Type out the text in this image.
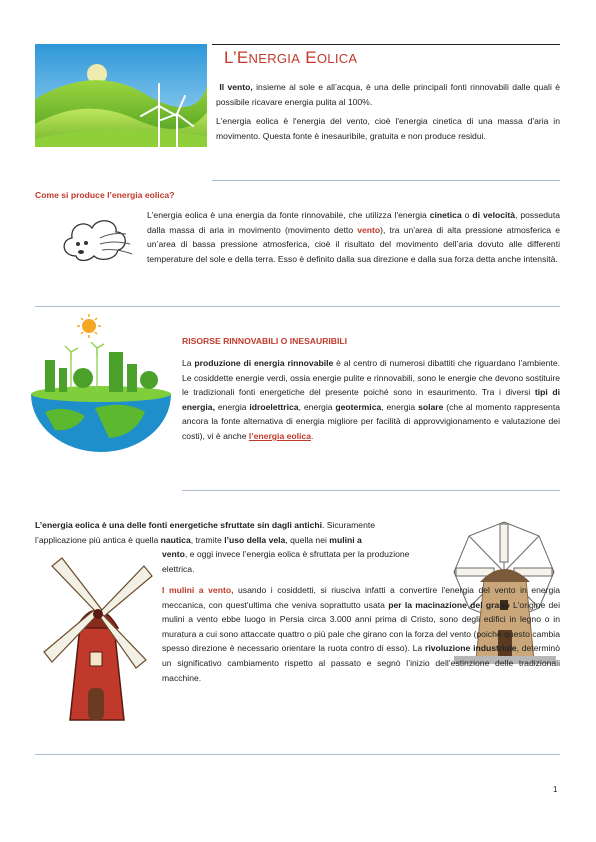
L’ENERGIA EOLICA

Il vento, insieme al sole e all’acqua, è una delle principali fonti rinnovabili dalle quali è possibile ricavare energia pulita al 100%.

L'energia eolica è l'energia del vento, cioè l'energia cinetica di una massa d'aria in movimento. Questa fonte è inesauribile, gratuita e non produce residui.

Come si produce l’energia eolica?
L'energia eolica è una energia da fonte rinnovabile, che utilizza l'energia cinetica o di velocità, posseduta dalla massa di aria in movimento (movimento detto vento), tra un’area di alta pressione atmosferica e un’area di bassa pressione atmosferica, cioè il risultato del movimento dell’aria dovuto alle differenti temperature del sole e della terra. Esso è definito dalla sua direzione e dalla sua forza detta anche intensità.
RISORSE RINNOVABILI O INESAURIBILI
La produzione di energia rinnovabile è al centro di numerosi dibattiti che riguardano l’ambiente. Le cosiddette energie verdi, ossia energie pulite e rinnovabili, sono le energie che devono sostituire le tradizionali fonti energetiche del presente poiché sono in esaurimento. Tra i diversi tipi di energia, energia idroelettrica, energia geotermica, energia solare (che al momento rappresenta ancora la fonte alternativa di energia migliore per facilità di approvvigionamento e valutazione dei costi), vi è anche l’energia eolica.
L’energia eolica è una delle fonti energetiche sfruttate sin dagli antichi. Sicuramente l’applicazione più antica è quella nautica, tramite l’uso della vela, quella nei mulini a
vento, e oggi invece l’energia eolica è sfruttata per la produzione elettrica.
I mulini a vento, usando i cosiddetti, si riusciva infatti a convertire l'energia del vento in energia meccanica, con quest'ultima che veniva soprattutto usata per la macinazione del grano L'origine dei mulini a vento ebbe luogo in Persia circa 3.000 anni prima di Cristo, sono degli edifici in legno o in muratura a cui sono attaccate quattro o più pale che girano con la forza del vento (poiché questo cambia spesso direzione è necessario orientare la ruota contro di esso). La rivoluzione industriale, determinò un significativo cambiamento rispetto al passato e segnò l’inizio dell’estinzione delle tradizionali macchine.
1
